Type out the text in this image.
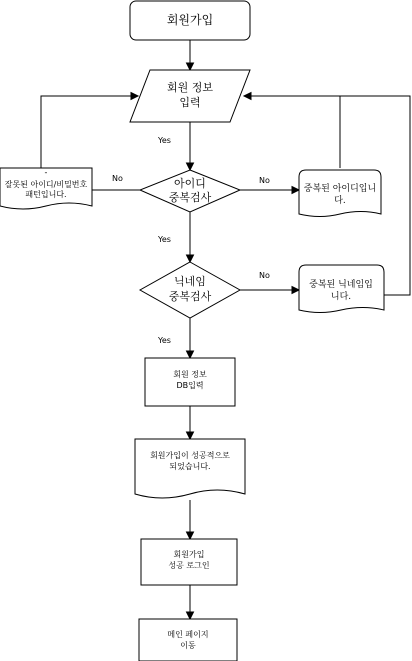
Yes
No	No
Yes
No
Yes
회원가입
회원 정보
입력
아이디
중복검사
-
잘못된 아이디/비밀번호
패턴입니다.
중복된 아이디입니
다.
닉네임
중복검사
중복된 닉네임입
니다.
회원 정보
DB입력
회원가입이 성공적으로
되었습니다.
회원가입
성공 로그인
메인 페이지
이동
